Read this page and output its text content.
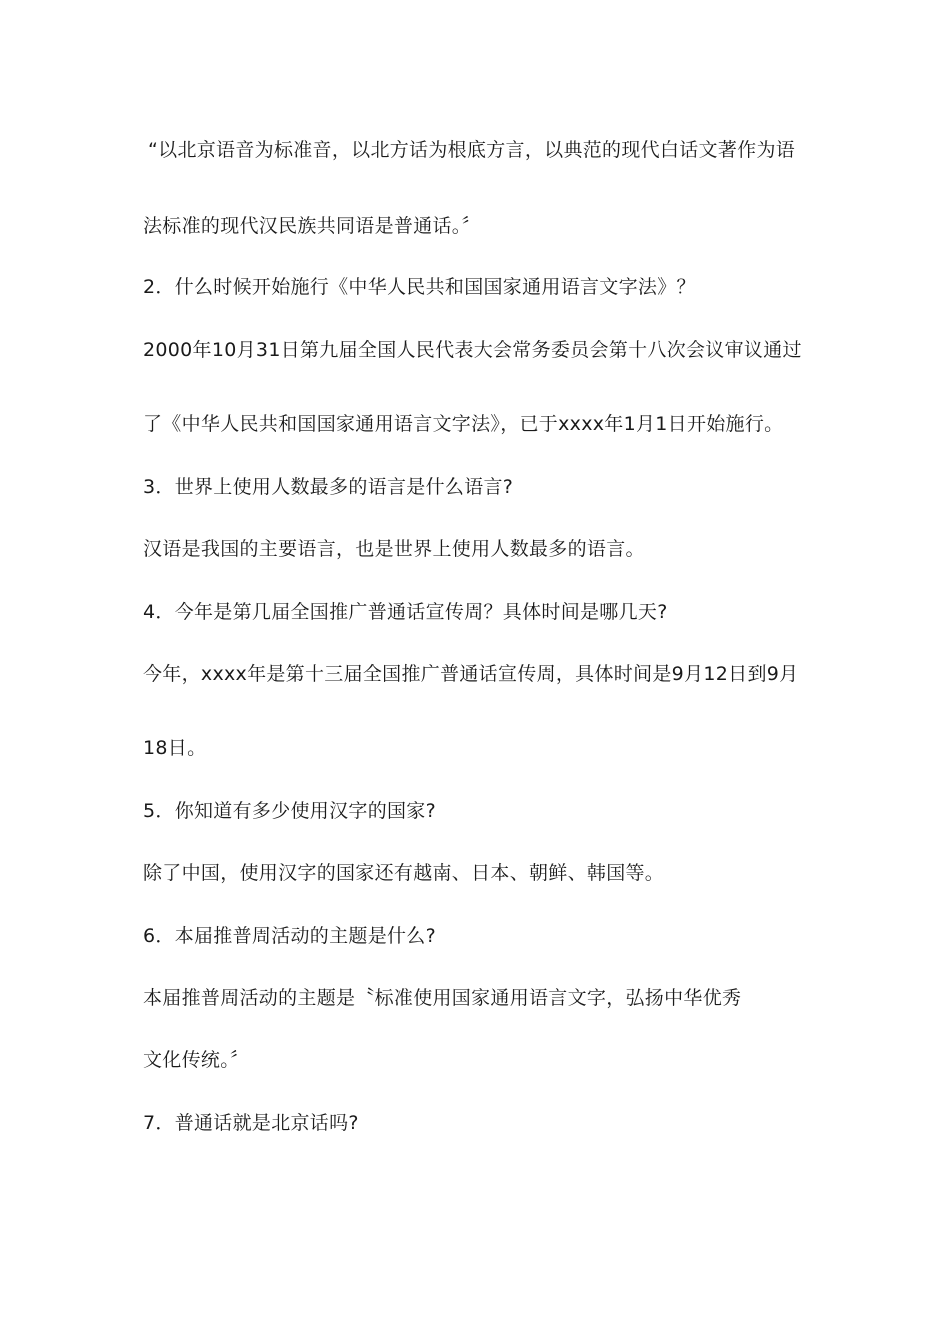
“以北京语音为标准音，以北方话为根底方言，以典范的现代白话文著作为语
法标准的现代汉民族共同语是普通话。〞
2．什么时候开始施行《中华人民共和国国家通用语言文字法》？
2000年10月31日第九届全国人民代表大会常务委员会第十八次会议审议通过
了《中华人民共和国国家通用语言文字法》，已于xxxx年1月1日开始施行。
3．世界上使用人数最多的语言是什么语言?
汉语是我国的主要语言，也是世界上使用人数最多的语言。
4．今年是第几届全国推广普通话宣传周？具体时间是哪几天?
今年，xxxx年是第十三届全国推广普通话宣传周，具体时间是9月12日到9月
18日。
5．你知道有多少使用汉字的国家?
除了中国，使用汉字的国家还有越南、日本、朝鲜、韩国等。
6．本届推普周活动的主题是什么?
本届推普周活动的主题是〝标准使用国家通用语言文字，弘扬中华优秀
文化传统。〞
7．普通话就是北京话吗?
